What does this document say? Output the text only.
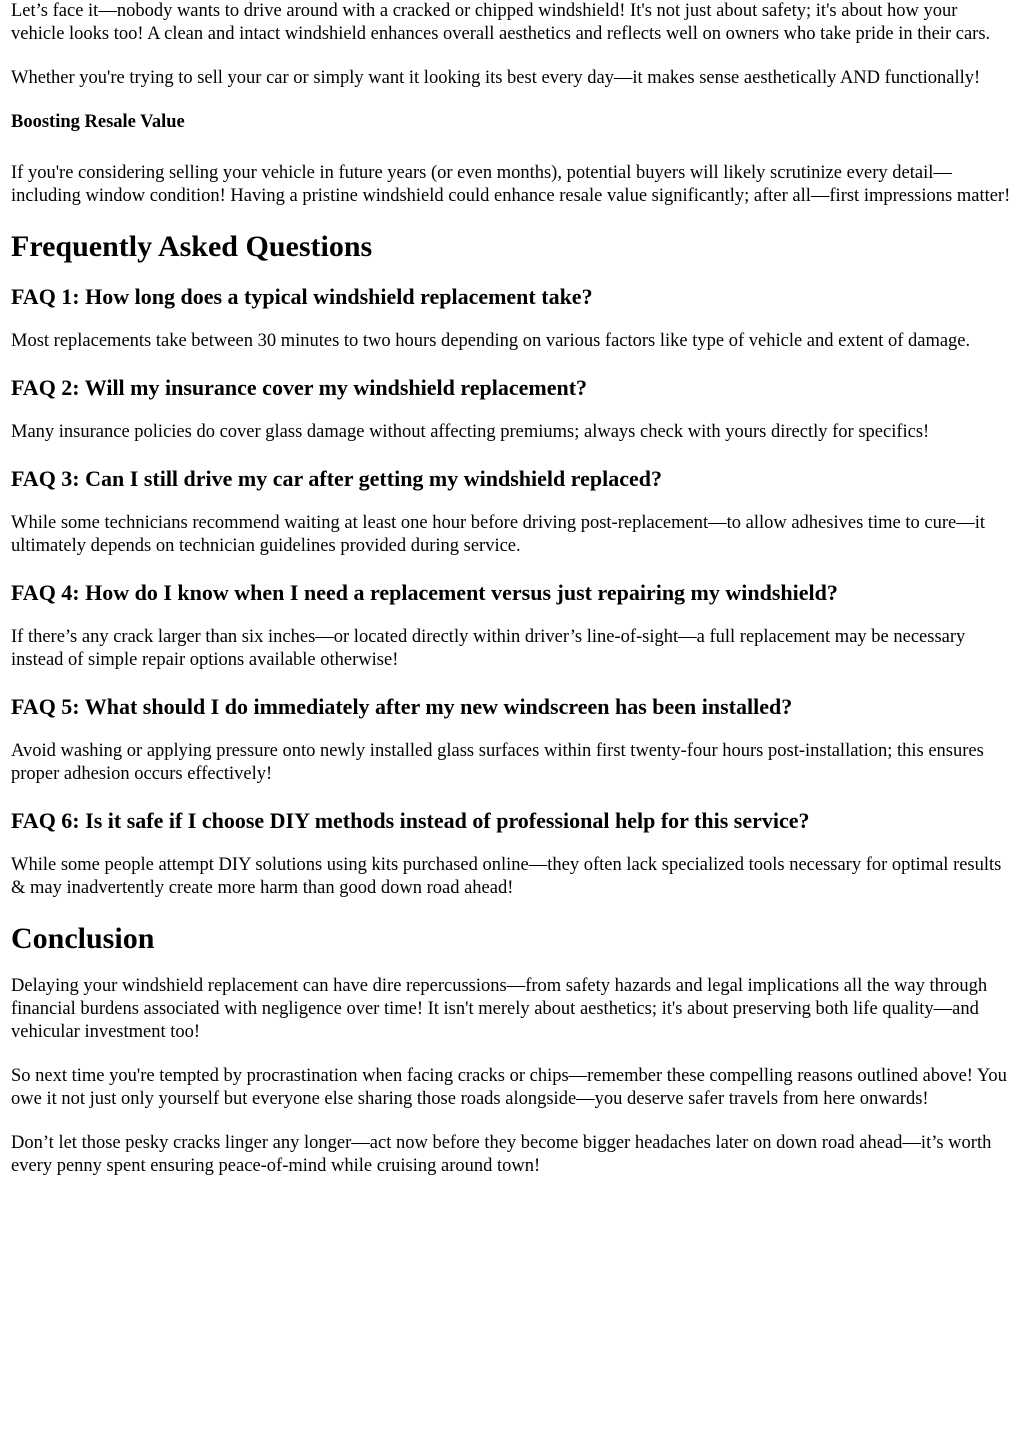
Let’s face it—nobody wants to drive around with a cracked or chipped windshield! It's not just about safety; it's about how your vehicle looks too! A clean and intact windshield enhances overall aesthetics and reflects well on owners who take pride in their cars.

Whether you're trying to sell your car or simply want it looking its best every day—it makes sense aesthetically AND functionally!

Boosting Resale Value

If you're considering selling your vehicle in future years (or even months), potential buyers will likely scrutinize every detail—including window condition! Having a pristine windshield could enhance resale value significantly; after all—first impressions matter!

Frequently Asked Questions
FAQ 1: How long does a typical windshield replacement take?

Most replacements take between 30 minutes to two hours depending on various factors like type of vehicle and extent of damage.

FAQ 2: Will my insurance cover my windshield replacement?

Many insurance policies do cover glass damage without affecting premiums; always check with yours directly for specifics!

FAQ 3: Can I still drive my car after getting my windshield replaced?

While some technicians recommend waiting at least one hour before driving post-replacement—to allow adhesives time to cure—it ultimately depends on technician guidelines provided during service.

FAQ 4: How do I know when I need a replacement versus just repairing my windshield?

If there’s any crack larger than six inches—or located directly within driver’s line-of-sight—a full replacement may be necessary instead of simple repair options available otherwise!

FAQ 5: What should I do immediately after my new windscreen has been installed?

Avoid washing or applying pressure onto newly installed glass surfaces within first twenty-four hours post-installation; this ensures proper adhesion occurs effectively!

FAQ 6: Is it safe if I choose DIY methods instead of professional help for this service?

While some people attempt DIY solutions using kits purchased online—they often lack specialized tools necessary for optimal results & may inadvertently create more harm than good down road ahead!

Conclusion

Delaying your windshield replacement can have dire repercussions—from safety hazards and legal implications all the way through financial burdens associated with negligence over time! It isn't merely about aesthetics; it's about preserving both life quality—and vehicular investment too!

So next time you're tempted by procrastination when facing cracks or chips—remember these compelling reasons outlined above! You owe it not just only yourself but everyone else sharing those roads alongside—you deserve safer travels from here onwards!

Don’t let those pesky cracks linger any longer—act now before they become bigger headaches later on down road ahead—it’s worth every penny spent ensuring peace-of-mind while cruising around town!
